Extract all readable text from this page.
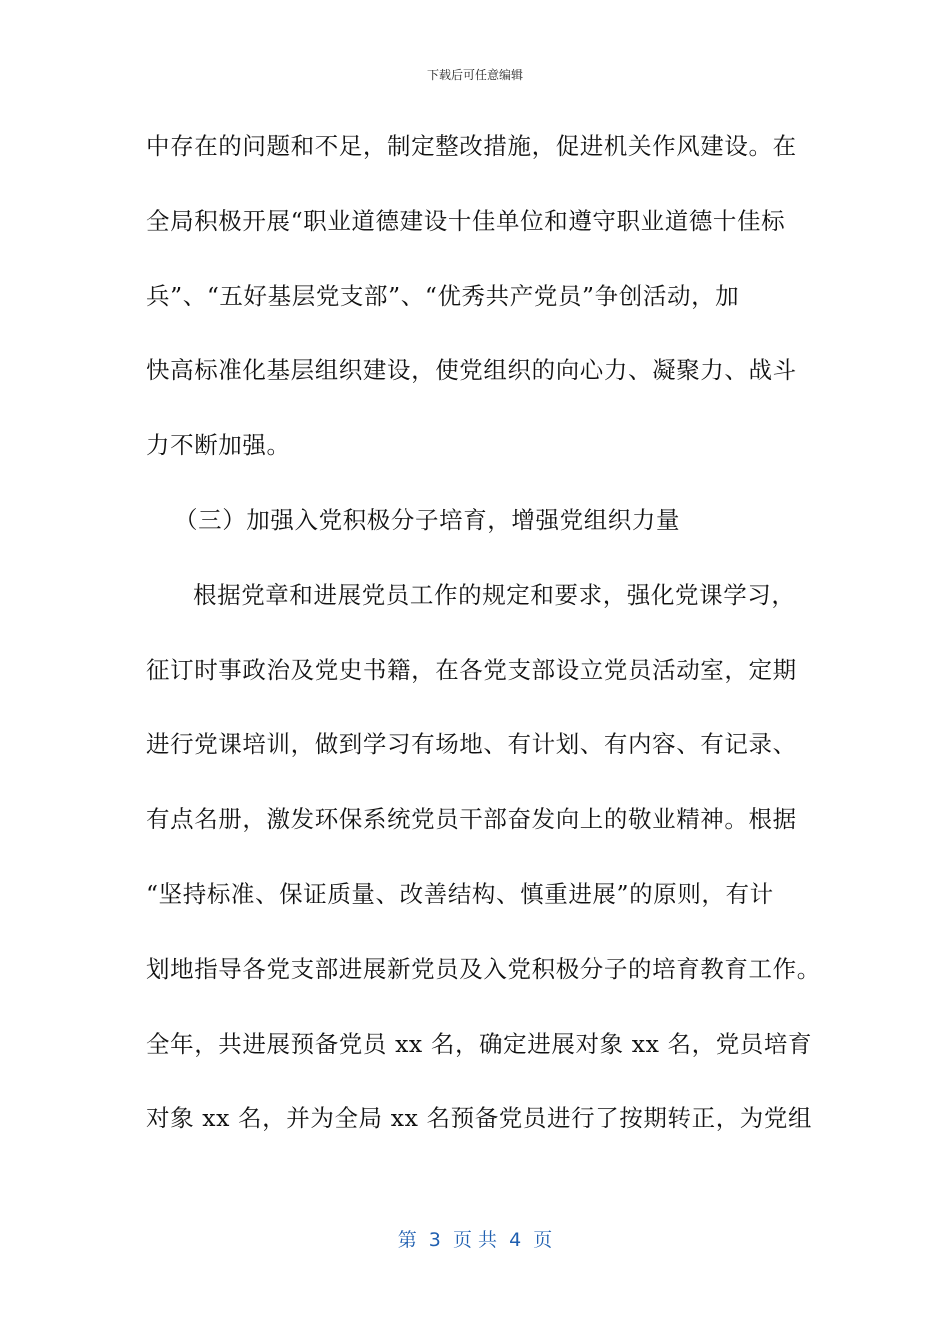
下载后可任意编辑
中存在的问题和不足，制定整改措施，促进机关作风建设。在
全局积极开展“职业道德建设十佳单位和遵守职业道德十佳标
兵”、“五好基层党支部”、“优秀共产党员”争创活动，加
快高标准化基层组织建设，使党组织的向心力、凝聚力、战斗
力不断加强。
（三）加强入党积极分子培育，增强党组织力量
根据党章和进展党员工作的规定和要求，强化党课学习，
征订时事政治及党史书籍，在各党支部设立党员活动室，定期
进行党课培训，做到学习有场地、有计划、有内容、有记录、
有点名册，激发环保系统党员干部奋发向上的敬业精神。根据
“坚持标准、保证质量、改善结构、慎重进展”的原则，有计
划地指导各党支部进展新党员及入党积极分子的培育教育工作。
全年，共进展预备党员 xx 名，确定进展对象 xx 名，党员培育
对象 xx 名，并为全局 xx 名预备党员进行了按期转正，为党组
第  3  页 共  4  页
